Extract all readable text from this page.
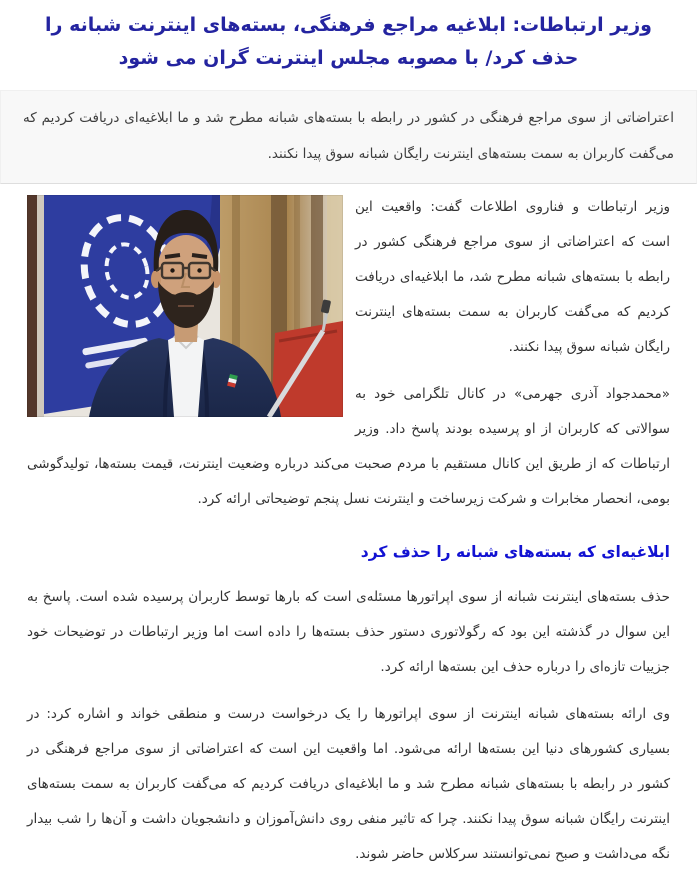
وزیر ارتباطات: ابلاغیه مراجع فرهنگی، بسته‌های اینترنت شبانه را حذف کرد/ با مصوبه مجلس اینترنت گران می شود
اعتراضاتی از سوی مراجع فرهنگی در کشور در رابطه با بسته‌های شبانه مطرح شد و ما ابلاغیه‌ای دریافت کردیم که می‌گفت کاربران به سمت بسته‌های اینترنت رایگان شبانه سوق پیدا نکنند.

وزیر ارتباطات و فناروی اطلاعات گفت: واقعیت این است که اعتراضاتی از سوی مراجع فرهنگی کشور در رابطه با بسته‌های شبانه مطرح شد، ما ابلاغیه‌ای دریافت کردیم که می‌گفت کاربران به سمت بسته‌های اینترنت رایگان شبانه سوق پیدا نکنند.

«محمدجواد آذری جهرمی» در کانال تلگرامی خود به سوالاتی که کاربران از او پرسیده بودند پاسخ داد. وزیر ارتباطات که از طریق این کانال مستقیم با مردم صحبت می‌کند درباره وضعیت اینترنت، قیمت بسته‌ها، تولیدگوشی بومی، انحصار مخابرات و شرکت زیرساخت و اینترنت نسل پنجم توضیحاتی ارائه کرد.

ابلاغیه‌ای که بسته‌های شبانه را حذف کرد

حذف بسته‌های اینترنت شبانه از سوی اپراتورها مسئله‌ی است که بارها توسط کاربران پرسیده شده است. پاسخ به این سوال در گذشته این بود که رگولاتوری دستور حذف بسته‌ها را داده است اما وزیر ارتباطات در توضیحات خود جزییات تازه‌ای را درباره حذف این بسته‌ها ارائه کرد.

وی ارائه بسته‌های شبانه اینترنت از سوی اپراتورها را یک درخواست درست و منطقی خواند و اشاره کرد: در بسیاری کشورهای دنیا این بسته‌ها ارائه می‌شود. اما واقعیت این است که اعتراضاتی از سوی مراجع فرهنگی در کشور در رابطه با بسته‌های شبانه مطرح شد و ما ابلاغیه‌ای دریافت کردیم که می‌گفت کاربران به سمت بسته‌های اینترنت رایگان شبانه سوق پیدا نکنند. چرا که تاثیر منفی روی دانش‌آموزان و دانشجویان داشت و آن‌ها را شب بیدار نگه می‌داشت و صبح نمی‌توانستند سرکلاس حاضر شوند.
